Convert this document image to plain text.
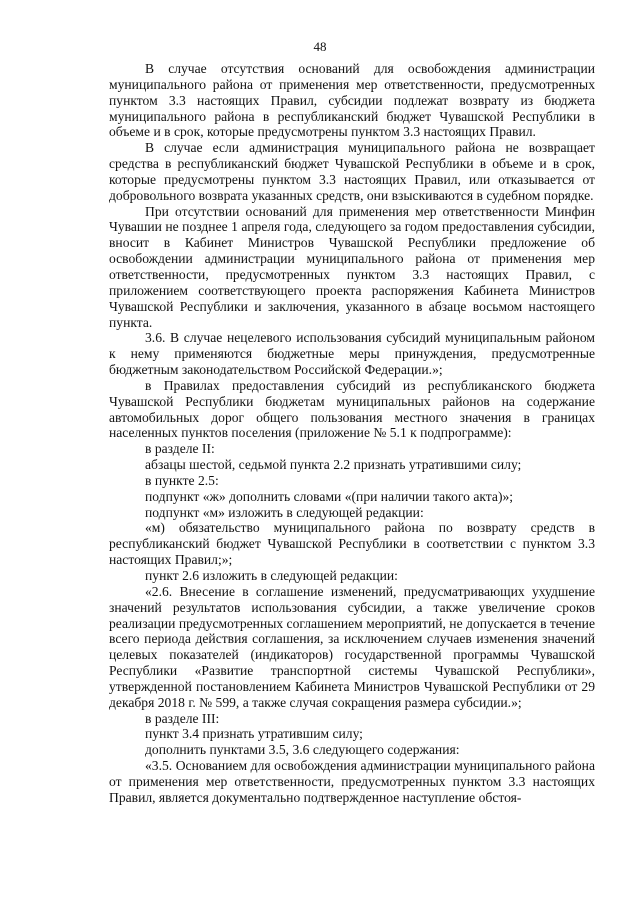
48

В случае отсутствия оснований для освобождения администрации муниципального района от применения мер ответственности, предусмотренных пунктом 3.3 настоящих Правил, субсидии подлежат возврату из бюджета муниципального района в республиканский бюджет Чувашской Республики в объеме и в срок, которые предусмотрены пунктом 3.3 настоящих Правил.

В случае если администрация муниципального района не возвращает средства в республиканский бюджет Чувашской Республики в объеме и в срок, которые предусмотрены пунктом 3.3 настоящих Правил, или отказывается от добровольного возврата указанных средств, они взыскиваются в судебном порядке.

При отсутствии оснований для применения мер ответственности Минфин Чувашии не позднее 1 апреля года, следующего за годом предоставления субсидии, вносит в Кабинет Министров Чувашской Республики предложение об освобождении администрации муниципального района от применения мер ответственности, предусмотренных пунктом 3.3 настоящих Правил, с приложением соответствующего проекта распоряжения Кабинета Министров Чувашской Республики и заключения, указанного в абзаце восьмом настоящего пункта.

3.6. В случае нецелевого использования субсидий муниципальным районом к нему применяются бюджетные меры принуждения, предусмотренные бюджетным законодательством Российской Федерации.»;

в Правилах предоставления субсидий из республиканского бюджета Чувашской Республики бюджетам муниципальных районов на содержание автомобильных дорог общего пользования местного значения в границах населенных пунктов поселения (приложение № 5.1 к подпрограмме):

в разделе II:

абзацы шестой, седьмой пункта 2.2 признать утратившими силу;

в пункте 2.5:

подпункт «ж» дополнить словами «(при наличии такого акта)»;

подпункт «м» изложить в следующей редакции:

«м) обязательство муниципального района по возврату средств в республиканский бюджет Чувашской Республики в соответствии с пунктом 3.3 настоящих Правил;»;

пункт 2.6 изложить в следующей редакции:

«2.6. Внесение в соглашение изменений, предусматривающих ухудшение значений результатов использования субсидии, а также увеличение сроков реализации предусмотренных соглашением мероприятий, не допускается в течение всего периода действия соглашения, за исключением случаев изменения значений целевых показателей (индикаторов) государственной программы Чувашской Республики «Развитие транспортной системы Чувашской Республики», утвержденной постановлением Кабинета Министров Чувашской Республики от 29 декабря 2018 г. № 599, а также случая сокращения размера субсидии.»;

в разделе III:

пункт 3.4 признать утратившим силу;

дополнить пунктами 3.5, 3.6 следующего содержания:

«3.5. Основанием для освобождения администрации муниципального района от применения мер ответственности, предусмотренных пунктом 3.3 настоящих Правил, является документально подтвержденное наступление обстоя-
